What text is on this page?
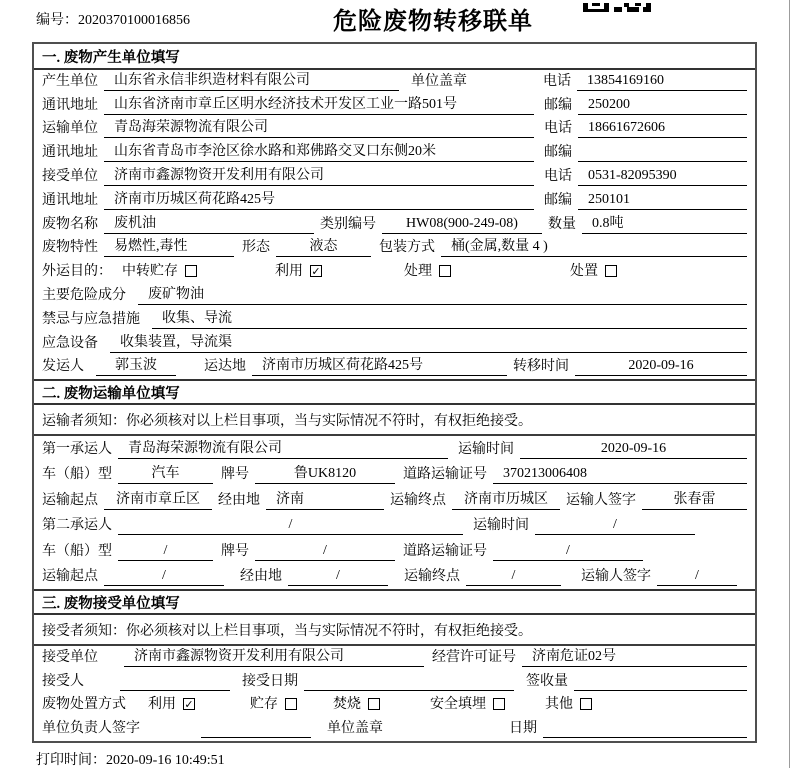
编号：2020370100016856	危险废物转移联单
一. 废物产生单位填写
产生单位	山东省永信非织造材料有限公司	单位盖章	电话	13854169160
通讯地址	山东省济南市章丘区明水经济技术开发区工业一路501号	邮编	250200
运输单位	青岛海荣源物流有限公司	电话	18661672606
通讯地址	山东省青岛市李沧区徐水路和郑佛路交叉口东侧20米	邮编
接受单位	济南市鑫源物资开发利用有限公司	电话	0531-82095390
通讯地址	济南市历城区荷花路425号	邮编	250101
废物名称	废机油	类别编号	HW08(900-249-08)	数量	0.8吨
废物特性	易燃性,毒性	形态	液态	包装方式	桶(金属,数量 4 )
外运目的： 中转贮存	利用 ✓	处理	处置
主要危险成分	废矿物油
禁忌与应急措施	收集、导流
应急设备	收集装置，导流渠
发运人	郭玉波	运达地	济南市历城区荷花路425号	转移时间	2020-09-16
二. 废物运输单位填写
运输者须知：你必须核对以上栏目事项，当与实际情况不符时，有权拒绝接受。
第一承运人	青岛海荣源物流有限公司	运输时间	2020-09-16
车（船）型	汽车	牌号	鲁UK8120	道路运输证号	370213006408
运输起点	济南市章丘区	经由地	济南	运输终点	济南市历城区	运输人签字	张春雷
第二承运人	/	运输时间	/
车（船）型	/	牌号	/	道路运输证号	/
运输起点	/	经由地	/	运输终点	/	运输人签字	/
三. 废物接受单位填写
接受者须知：你必须核对以上栏目事项，当与实际情况不符时，有权拒绝接受。
接受单位	济南市鑫源物资开发利用有限公司	经营许可证号	济南危证02号
接受人	接受日期	签收量
废物处置方式	利用 ✓	贮存	焚烧	安全填埋	其他
单位负责人签字	单位盖章	日期
打印时间：2020-09-16 10:49:51
